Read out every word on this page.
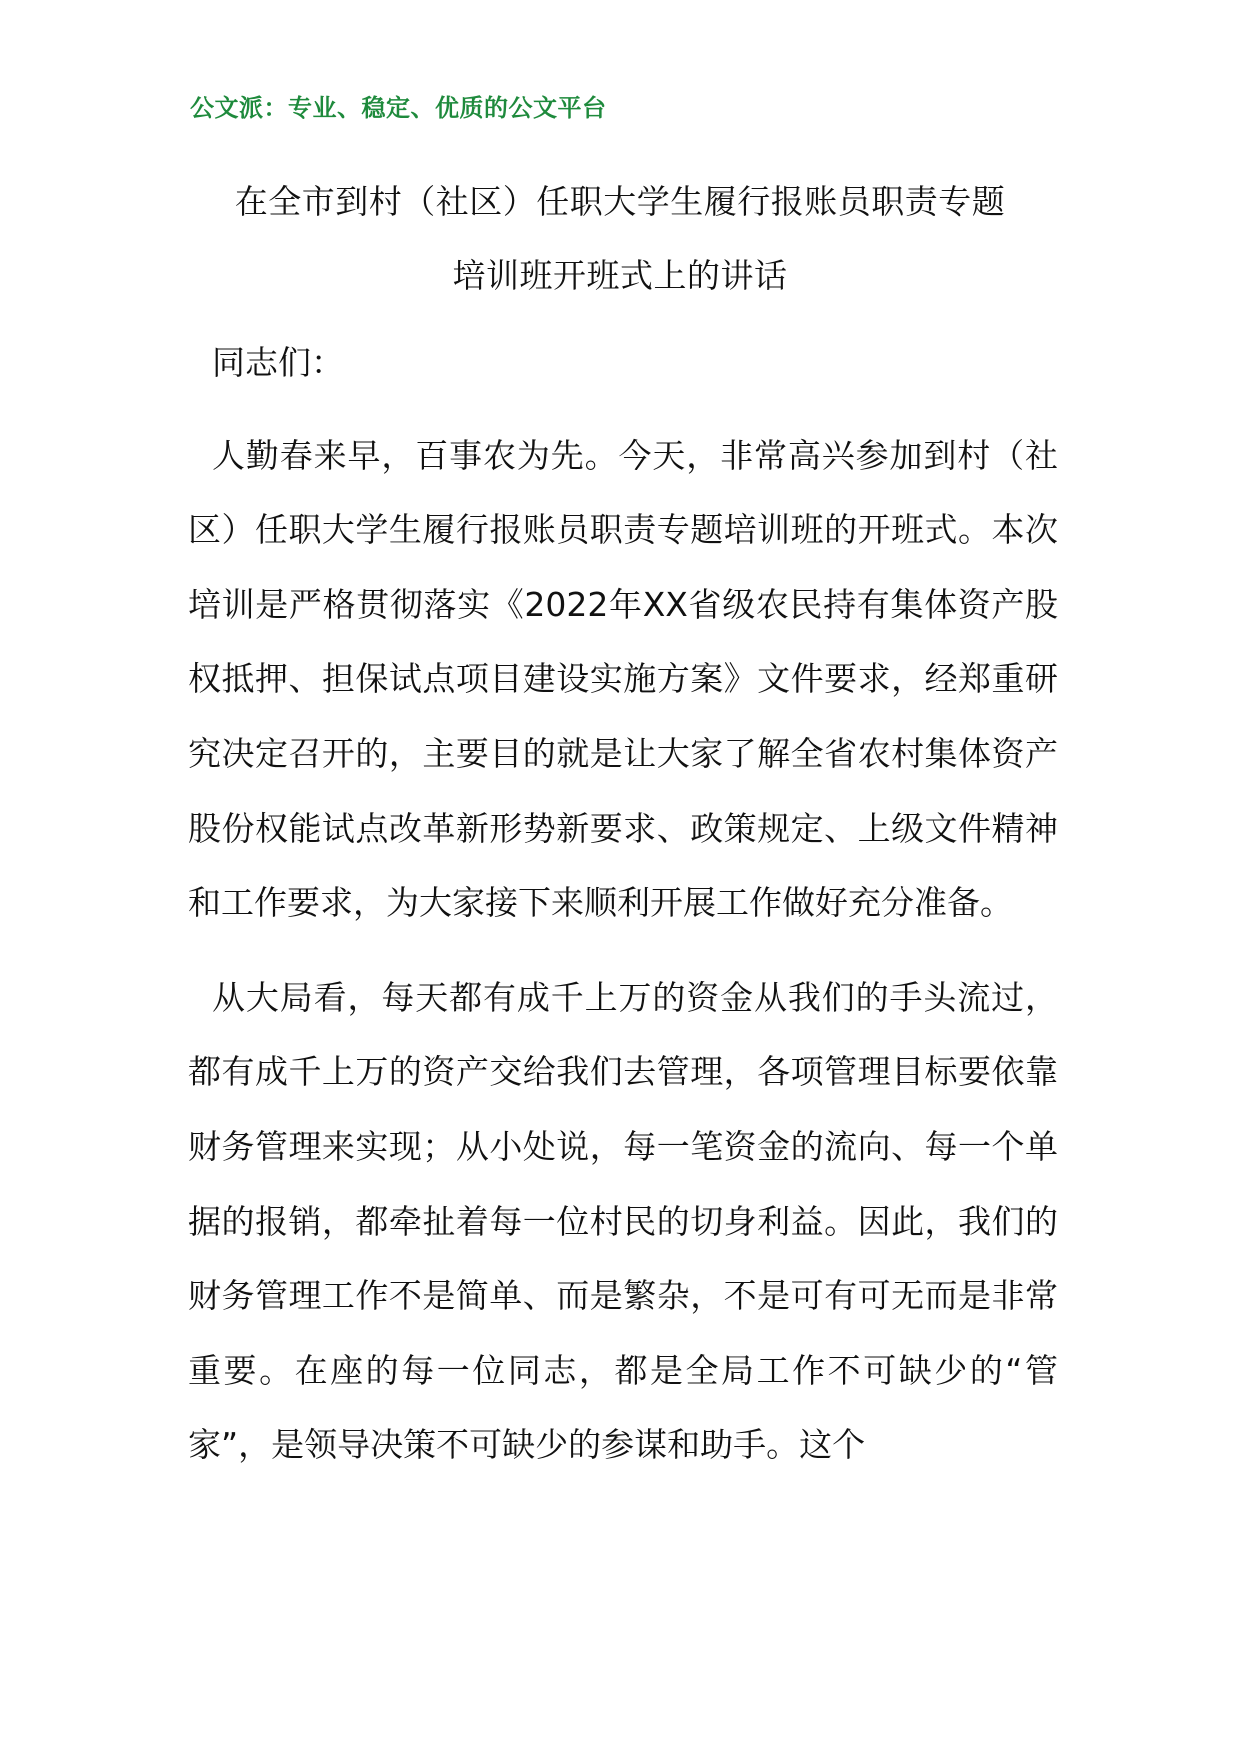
公文派：专业、稳定、优质的公文平台
在全市到村（社区）任职大学生履行报账员职责专题
培训班开班式上的讲话

同志们：

人勤春来早，百事农为先。今天，非常高兴参加到村（社区）任职大学生履行报账员职责专题培训班的开班式。本次培训是严格贯彻落实《2022年XX省级农民持有集体资产股权抵押、担保试点项目建设实施方案》文件要求，经郑重研究决定召开的，主要目的就是让大家了解全省农村集体资产股份权能试点改革新形势新要求、政策规定、上级文件精神和工作要求，为大家接下来顺利开展工作做好充分准备。

从大局看，每天都有成千上万的资金从我们的手头流过，都有成千上万的资产交给我们去管理，各项管理目标要依靠财务管理来实现；从小处说，每一笔资金的流向、每一个单据的报销，都牵扯着每一位村民的切身利益。因此，我们的财务管理工作不是简单、而是繁杂，不是可有可无而是非常重要。在座的每一位同志，都是全局工作不可缺少的“管家”，是领导决策不可缺少的参谋和助手。这个
